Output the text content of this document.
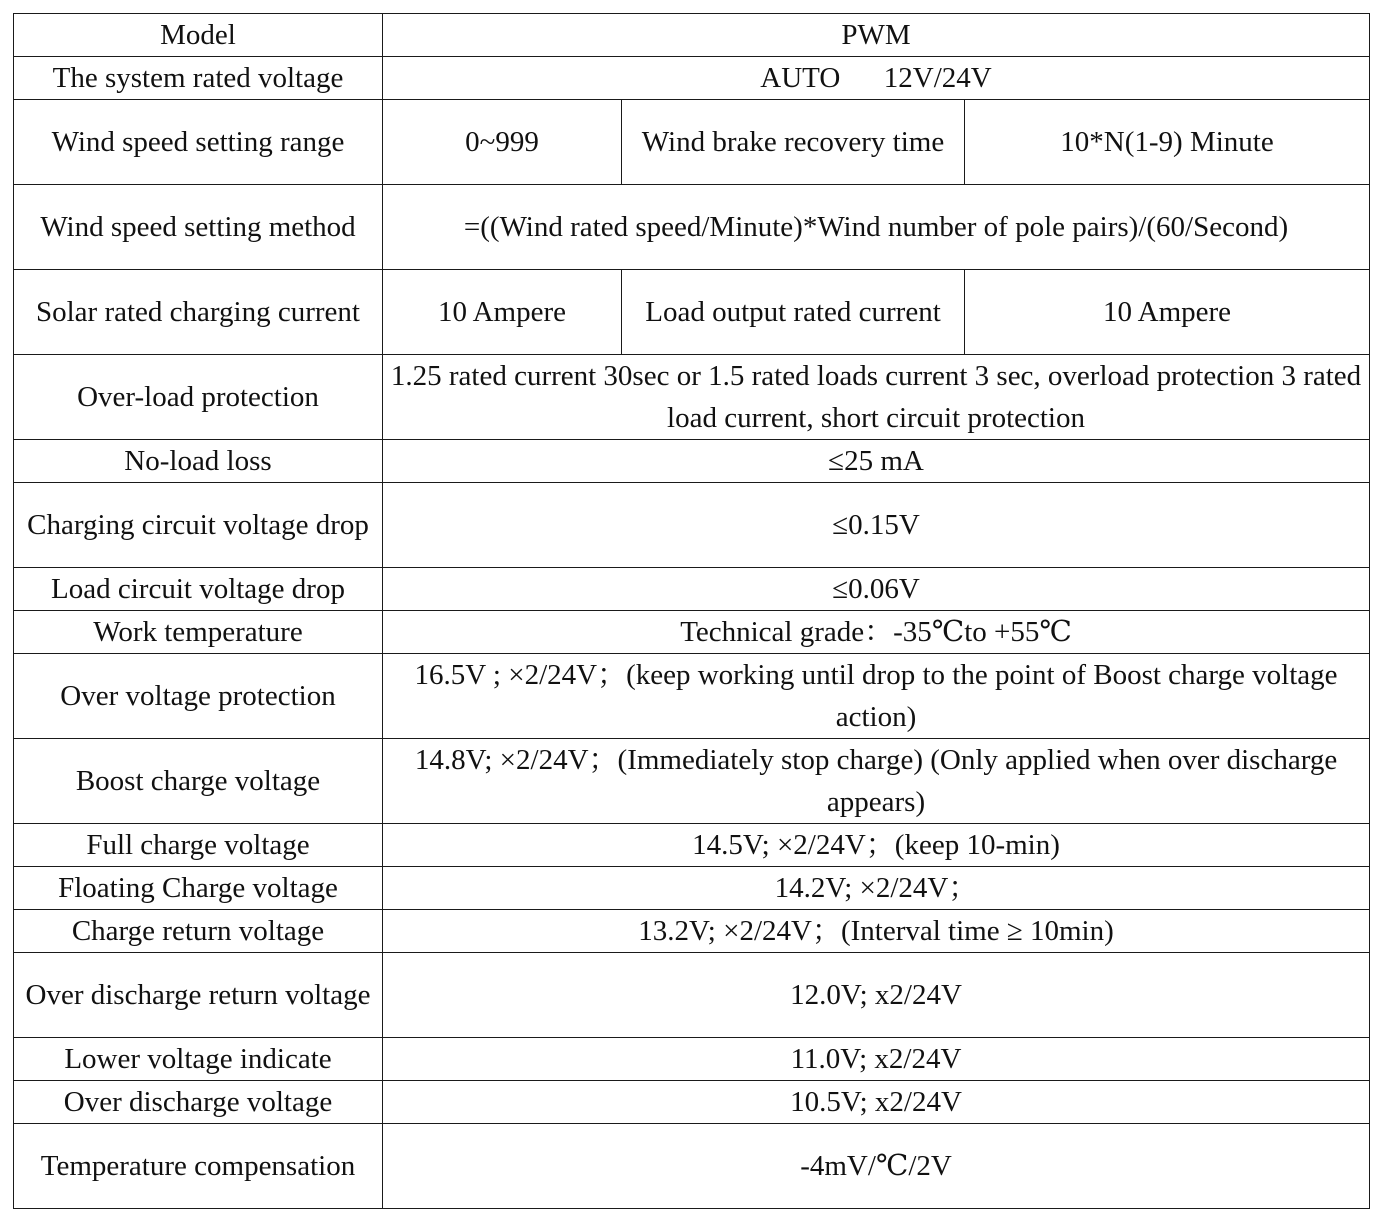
Model	PWM		
The system rated voltage	AUTO      12V/24V		
Wind speed setting range	0~999	Wind brake recovery time	10*N(1-9) Minute
Wind speed setting method	=((Wind rated speed/Minute)*Wind number of pole pairs)/(60/Second)		
Solar rated charging current	10 Ampere	Load output rated current	10 Ampere
Over-load protection	1.25 rated current 30sec or 1.5 rated loads current 3 sec, overload protection 3 rated load current, short circuit protection		
No-load loss	≤25 mA		
Charging circuit voltage drop	≤0.15V		
Load circuit voltage drop	≤0.06V		
Work temperature	Technical grade：-35℃to +55℃		
Over voltage protection	16.5V ; ×2/24V；(keep working until drop to the point of Boost charge voltage action)		
Boost charge voltage	14.8V; ×2/24V；(Immediately stop charge) (Only applied when over discharge appears)		
Full charge voltage	14.5V; ×2/24V；(keep 10-min)		
Floating Charge voltage	14.2V; ×2/24V；		
Charge return voltage	13.2V; ×2/24V；(Interval time ≥ 10min)		
Over discharge return voltage	12.0V; x2/24V		
Lower voltage indicate	11.0V; x2/24V		
Over discharge voltage	10.5V; x2/24V		
Temperature compensation	-4mV/℃/2V		
